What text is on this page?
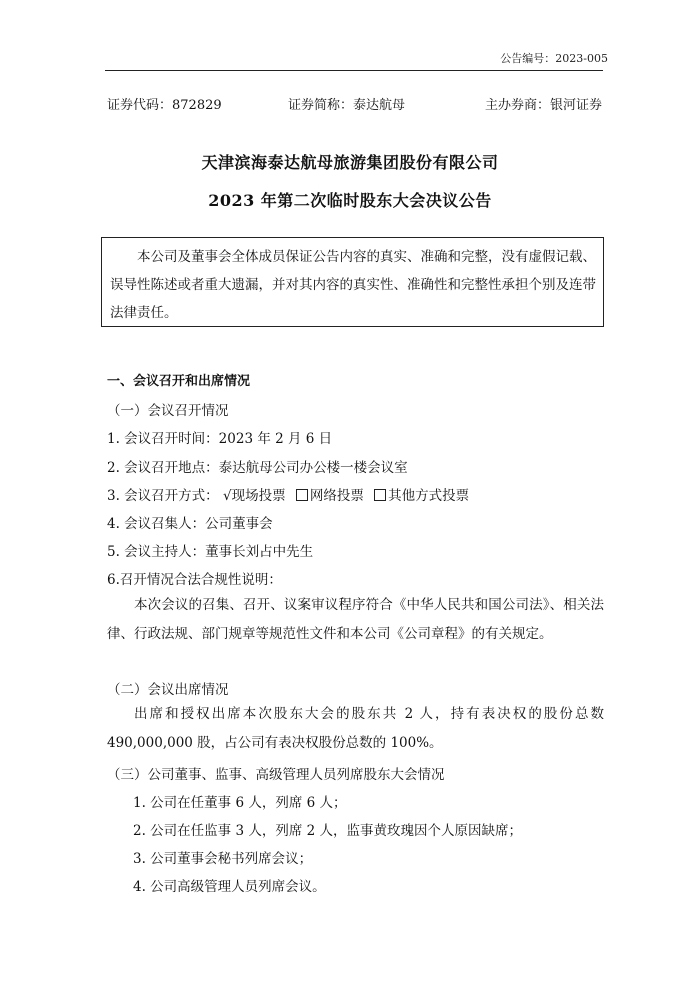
公告编号：2023-005
证券代码：872829	证券简称：泰达航母	主办券商：银河证券
天津滨海泰达航母旅游集团股份有限公司
2023 年第二次临时股东大会决议公告
本公司及董事会全体成员保证公告内容的真实、准确和完整，没有虚假记载、误导性陈述或者重大遗漏，并对其内容的真实性、准确性和完整性承担个别及连带法律责任。
一、会议召开和出席情况
（一）会议召开情况
1. 会议召开时间：2023 年 2 月 6 日
2. 会议召开地点：泰达航母公司办公楼一楼会议室
3. 会议召开方式： √现场投票 网络投票 其他方式投票
4. 会议召集人：公司董事会
5. 会议主持人：董事长刘占中先生
6.召开情况合法合规性说明：
本次会议的召集、召开、议案审议程序符合《中华人民共和国公司法》、相关法律、行政法规、部门规章等规范性文件和本公司《公司章程》的有关规定。
（二）会议出席情况
出席和授权出席本次股东大会的股东共 2 人，持有表决权的股份总数 490,000,000 股，占公司有表决权股份总数的 100%。
（三）公司董事、监事、高级管理人员列席股东大会情况
1. 公司在任董事 6 人，列席 6 人；
2. 公司在任监事 3 人，列席 2 人，监事黄玫瑰因个人原因缺席；
3. 公司董事会秘书列席会议；
4. 公司高级管理人员列席会议。
